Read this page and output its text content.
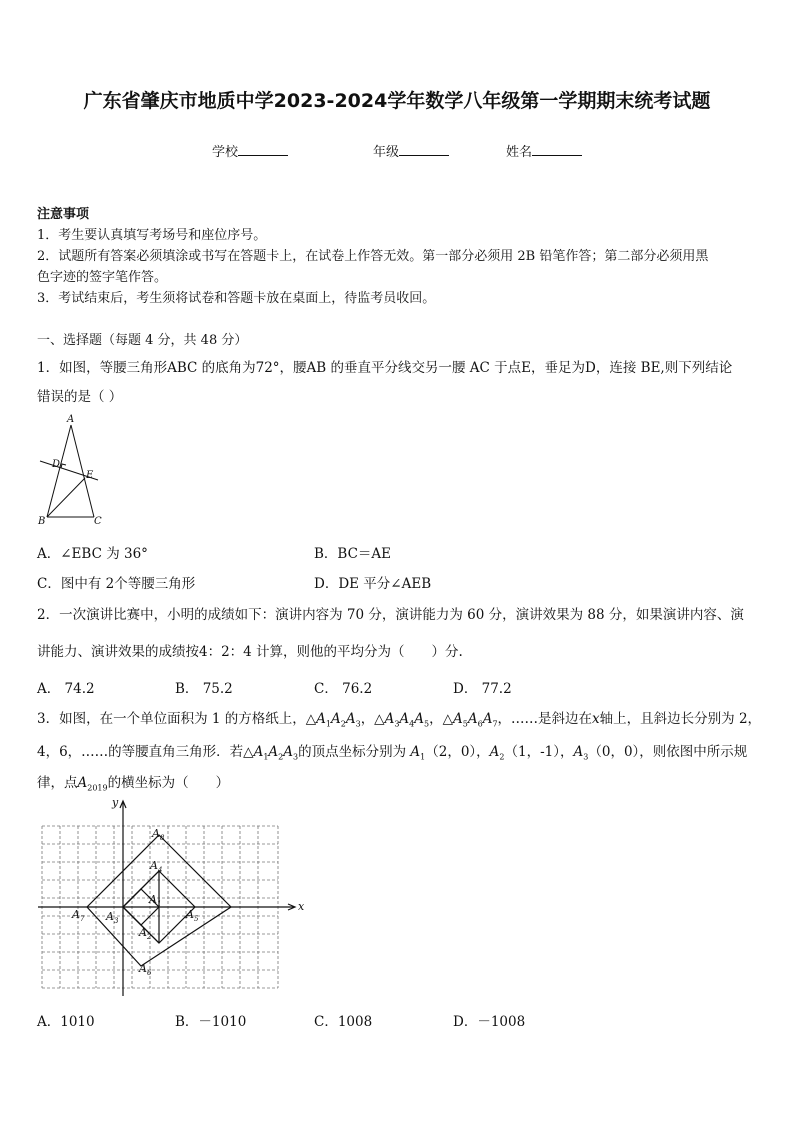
广东省肇庆市地质中学2023-2024学年数学八年级第一学期期末统考试题
学校	年级	姓名
注意事项
1．考生要认真填写考场号和座位序号。
2．试题所有答案必须填涂或书写在答题卡上，在试卷上作答无效。第一部分必须用 2B 铅笔作答；第二部分必须用黑
色字迹的签字笔作答。
3．考试结束后，考生须将试卷和答题卡放在桌面上，待监考员收回。
一、选择题（每题 4 分，共 48 分）
1．如图，等腰三角形ABC 的底角为72°，腰AB 的垂直平分线交另一腰 AC 于点E，垂足为D，连接 BE,则下列结论
错误的是（ ）
A
B	C
D
E
A．∠EBC 为 36°	B．BC＝AE
C．图中有 2个等腰三角形	D．DE 平分∠AEB
2．一次演讲比赛中，小明的成绩如下：演讲内容为 70 分，演讲能力为 60 分，演讲效果为 88 分，如果演讲内容、演
讲能力、演讲效果的成绩按4：2：4 计算，则他的平均分为（　　）分.
A． 74.2	B． 75.2	C． 76.2	D． 77.2
3．如图，在一个单位面积为 1 的方格纸上，$\triangle A_1A_2A_3$，$\triangle A_3A_4A_5$，$\triangle A_5A_6A_7$，……是斜边在x轴上，且斜边长分别为 2，
4，6，……的等腰直角三角形．若$\triangle A_1A_2A_3$的顶点坐标分别为 $A_1(2$，0），$A_2(1$，-1），$A_3(0$，0），则依图中所示规
律，点$A_{2019}$的横坐标为（　　）
x
y
$A_8$
$A_4$
$A_1$
$A_7$ $A_3$	$A_5$
$A_2$
$A_6$
A．1010	B．－1010	C．1008	D．－1008
